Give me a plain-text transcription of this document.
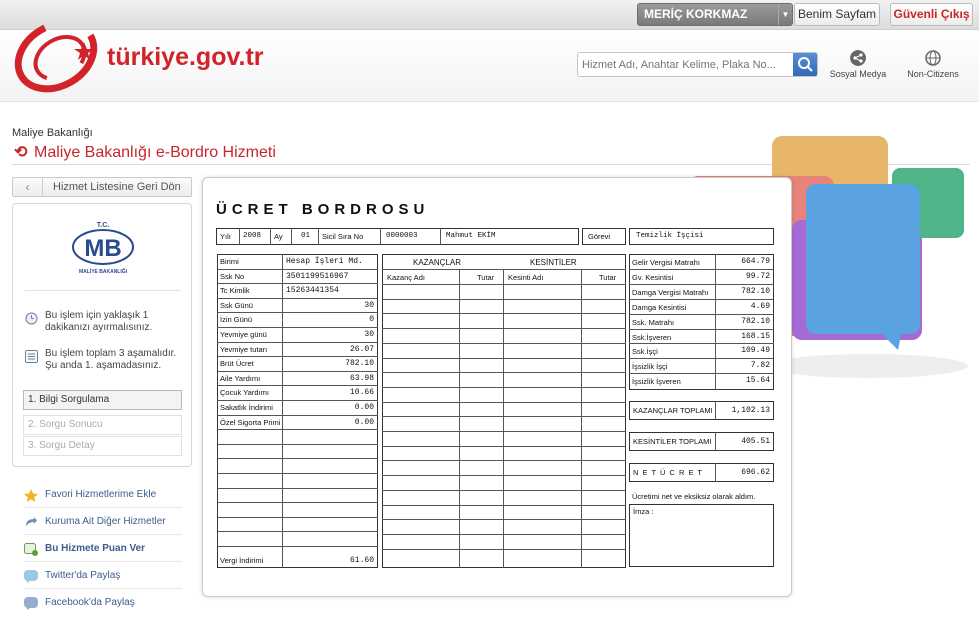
MERİÇ KORKMAZ	▼ Benim Sayfam	Güvenli Çıkış
türkiye.gov.tr
Hizmet Adı, Anahtar Kelime, Plaka No...
Sosyal Medya	Non-Citizens
Maliye Bakanlığı
⟲ Maliye Bakanlığı e-Bordro Hizmeti
‹	Hizmet Listesine Geri Dön
T.C.
MB
MALİYE BAKANLIĞI
Bu işlem için yaklaşık 1 dakikanızı ayırmalısınız.
Bu işlem toplam 3 aşamalıdır. Şu anda 1. aşamadasınız.
1. Bilgi Sorgulama
2. Sorgu Sonucu
3. Sorgu Detay
Favori Hizmetlerime Ekle
Kuruma Ait Diğer Hizmetler
Bu Hizmete Puan Ver
Twitter'da Paylaş
Facebook'da Paylaş
ÜCRET BORDROSU
Yılı 2008 Ay 01 Sicil Sıra No	0000003	Mahmut EKİM	Görevi	Temizlik İşçisi
Birimi	Hesap İşleri Md.
Ssk No	3501199516967
Tc Kimlik	15263441354
Ssk Günü	30
İzin Günü	0
Yevmiye günü	30
Yevmiye tutarı	26.07
Brüt Ücret	782.10
Aile Yardımı	63.98
Çocuk Yardımı	10.66
Sakatlık İndirimi	0.00
Özel Sigorta Primi	0.00
Vergi İndirimi	61.60
KAZANÇLAR	KESİNTİLER
Kazanç Adı	Tutar Kesinti Adı	Tutar
Gelir Vergisi Matrahı	664.79
Gv. Kesintisi	99.72
Damga Vergisi Matrahı	782.10
Damga Kesintisi	4.69
Ssk. Matrahı	782.10
Ssk.İşveren	168.15
Ssk.İşçi	109.49
İşsizlik İşçi	7.82
İşsizlik İşveren	15.64
KAZANÇLAR TOPLAMI	1,102.13
KESİNTİLER TOPLAMI	405.51
N E T Ü C R E T	696.62
Ücretimi net ve eksiksiz olarak aldım.
İmza :
